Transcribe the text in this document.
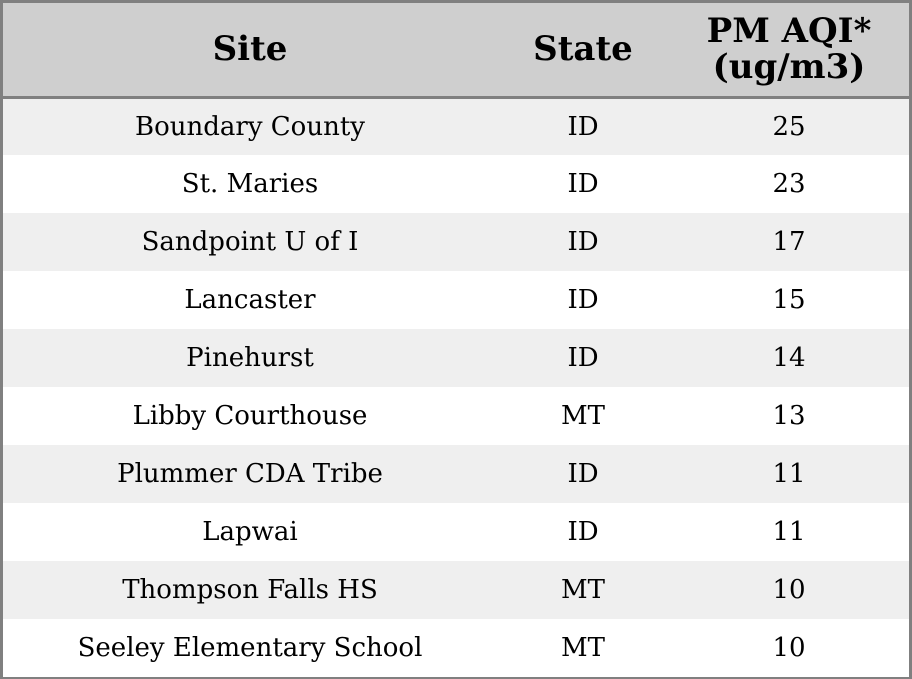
Site	State	PM AQI*
(ug/m3)

Boundary County	ID	25
St. Maries	ID	23
Sandpoint U of I	ID	17
Lancaster	ID	15
Pinehurst	ID	14
Libby Courthouse	MT	13
Plummer CDA Tribe	ID	11
Lapwai	ID	11
Thompson Falls HS	MT	10
Seeley Elementary School	MT	10
